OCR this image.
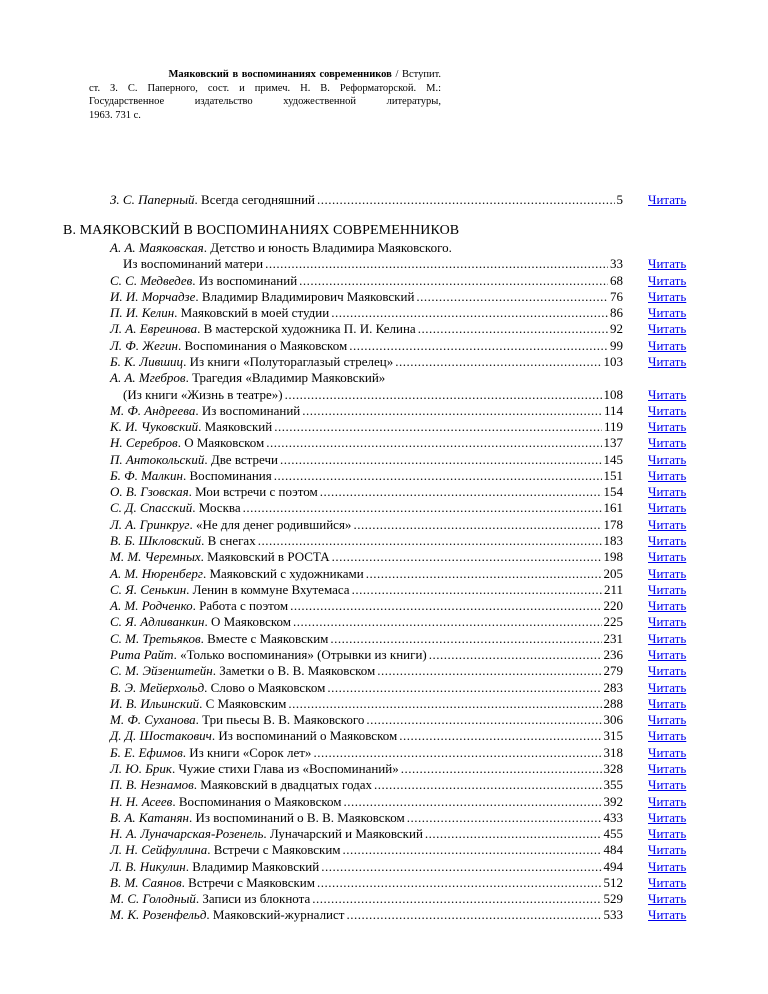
Маяковский в воспоминаниях современников / Вступит.
ст. З. С. Паперного, сост. и примеч. Н. В. Реформаторской. М.:
Государственное издательство художественной литературы,
1963. 731 с.
З. С. Паперный. Всегда сегодняшний .....	5 Читать
В. МАЯКОВСКИЙ В ВОСПОМИНАНИЯХ СОВРЕМЕННИКОВ
А. А. Маяковская . Детство и юность Владимира Маяковского.
Из воспоминаний матери .....	33 Читать
С. С. Медведев. Из воспоминаний .....	68 Читать
И. И. Морчадзе. Владимир Владимирович Маяковский .....	76 Читать
П. И. Келин. Маяковский в моей студии .....	86 Читать
Л. А. Евреинова. В мастерской художника П. И. Келина .....	92 Читать
Л. Ф. Жегин. Воспоминания о Маяковском .....	99 Читать
Б. К. Лившиц. Из книги «Полутораглазый стрелец» .....	103 Читать
А. А. Мгебров . Трагедия «Владимир Маяковский»
(Из книги «Жизнь в театре») .....	108 Читать
М. Ф. Андреева. Из воспоминаний .....	114 Читать
К. И. Чуковский. Маяковский .....	119 Читать
Н. Серебров. О Маяковском .....	137 Читать
П. Антокольский. Две встречи .....	145 Читать
Б. Ф. Малкин. Воспоминания .....	151 Читать
О. В. Гзовская. Мои встречи с поэтом .....	154 Читать
С. Д. Спасский. Москва .....	161 Читать
Л. А. Гринкруг. «Не для денег родившийся» .....	178 Читать
В. Б. Шкловский. В снегах .....	183 Читать
М. М. Черемных. Маяковский в РОСТА .....	198 Читать
А. М. Нюренберг. Маяковский с художниками .....	205 Читать
С. Я. Сенькин. Ленин в коммуне Вхутемаса .....	211 Читать
А. М. Родченко. Работа с поэтом .....	220 Читать
С. Я. Адливанкин. О Маяковском .....	225 Читать
С. М. Третьяков. Вместе с Маяковским .....	231 Читать
Рита Райт. «Только воспоминания» (Отрывки из книги) .....	236 Читать
С. М. Эйзенштейн. Заметки о В. В. Маяковском .....	279 Читать
В. Э. Мейерхольд. Слово о Маяковском .....	283 Читать
И. В. Ильинский. С Маяковским .....	288 Читать
М. Ф. Суханова. Три пьесы В. В. Маяковского .....	306 Читать
Д. Д. Шостакович. Из воспоминаний о Маяковском .....	315 Читать
Б. Е. Ефимов. Из книги «Сорок лет» .....	318 Читать
Л. Ю. Брик. Чужие стихи Глава из «Воспоминаний» .....	328 Читать
П. В. Незнамов. Маяковский в двадцатых годах .....	355 Читать
Н. Н. Асеев. Воспоминания о Маяковском .....	392 Читать
В. А. Катанян. Из воспоминаний о В. В. Маяковском .....	433 Читать
Н. А. Луначарская-Розенель. Луначарский и Маяковский .....	455 Читать
Л. Н. Сейфуллина. Встречи с Маяковским .....	484 Читать
Л. В. Никулин. Владимир Маяковский .....	494 Читать
В. М. Саянов. Встречи с Маяковским .....	512 Читать
М. С. Голодный. Записи из блокнота .....	529 Читать
М. К. Розенфельд. Маяковский-журналист .....	533 Читать
